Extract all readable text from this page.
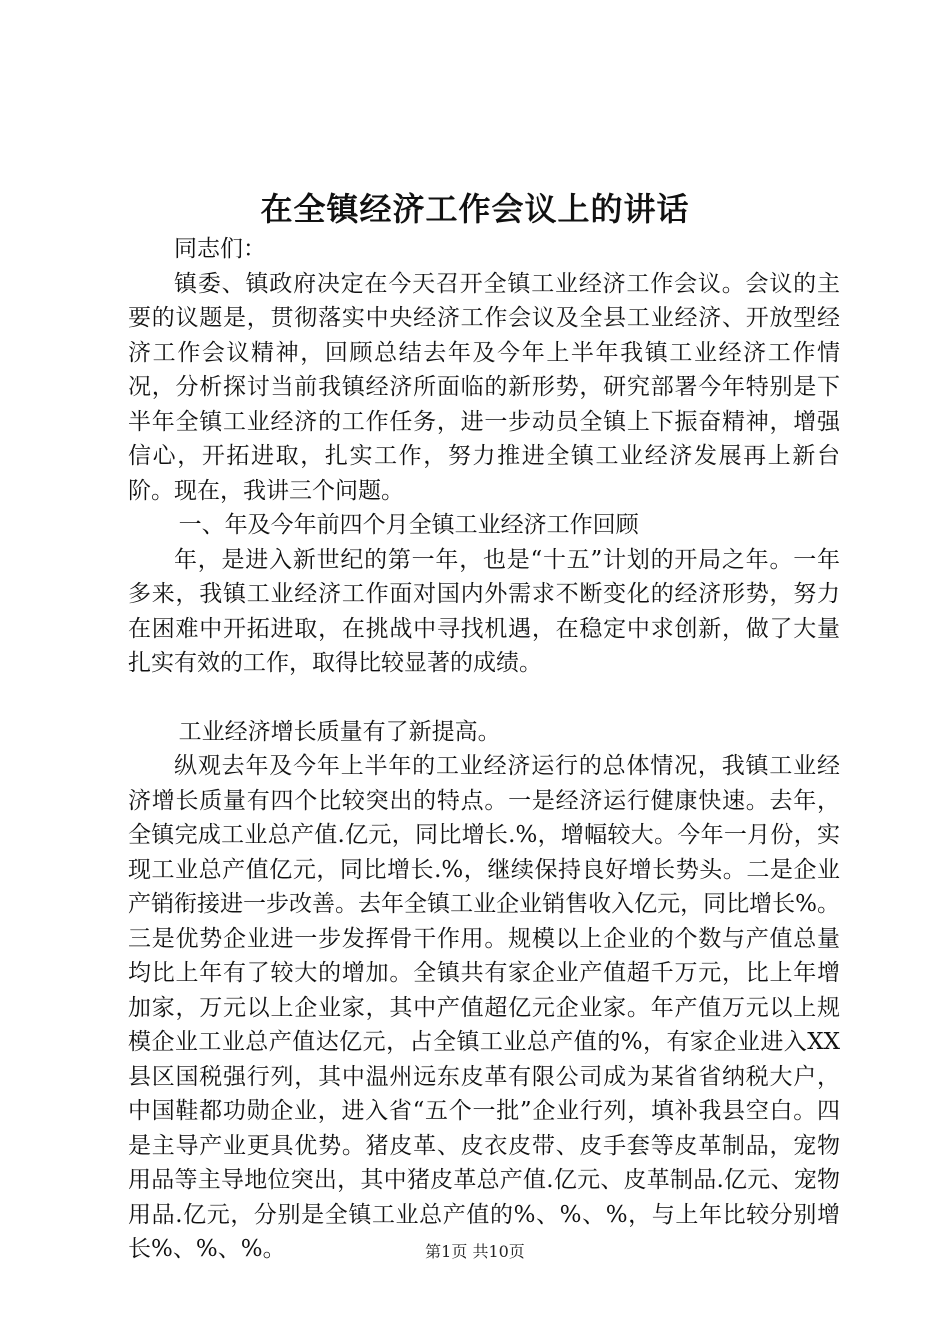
在全镇经济工作会议上的讲话

同志们：

镇委、镇政府决定在今天召开全镇工业经济工作会议。会议的主要的议题是，贯彻落实中央经济工作会议及全县工业经济、开放型经济工作会议精神，回顾总结去年及今年上半年我镇工业经济工作情况，分析探讨当前我镇经济所面临的新形势，研究部署今年特别是下半年全镇工业经济的工作任务，进一步动员全镇上下振奋精神，增强信心，开拓进取，扎实工作，努力推进全镇工业经济发展再上新台阶。现在，我讲三个问题。

一、年及今年前四个月全镇工业经济工作回顾

年，是进入新世纪的第一年，也是“十五”计划的开局之年。一年多来，我镇工业经济工作面对国内外需求不断变化的经济形势，努力在困难中开拓进取，在挑战中寻找机遇，在稳定中求创新，做了大量扎实有效的工作，取得比较显著的成绩。

工业经济增长质量有了新提高。

纵观去年及今年上半年的工业经济运行的总体情况，我镇工业经济增长质量有四个比较突出的特点。一是经济运行健康快速。去年，全镇完成工业总产值.亿元，同比增长.%，增幅较大。今年一月份，实现工业总产值亿元，同比增长.%，继续保持良好增长势头。二是企业产销衔接进一步改善。去年全镇工业企业销售收入亿元，同比增长%。三是优势企业进一步发挥骨干作用。规模以上企业的个数与产值总量均比上年有了较大的增加。全镇共有家企业产值超千万元，比上年增加家，万元以上企业家，其中产值超亿元企业家。年产值万元以上规模企业工业总产值达亿元，占全镇工业总产值的%，有家企业进入XX县区国税强行列，其中温州远东皮革有限公司成为某省省纳税大户，中国鞋都功勋企业，进入省“五个一批”企业行列，填补我县空白。四是主导产业更具优势。猪皮革、皮衣皮带、皮手套等皮革制品，宠物用品等主导地位突出，其中猪皮革总产值.亿元、皮革制品.亿元、宠物用品.亿元，分别是全镇工业总产值的%、%、%，与上年比较分别增长%、%、%。	第1页 共10页
